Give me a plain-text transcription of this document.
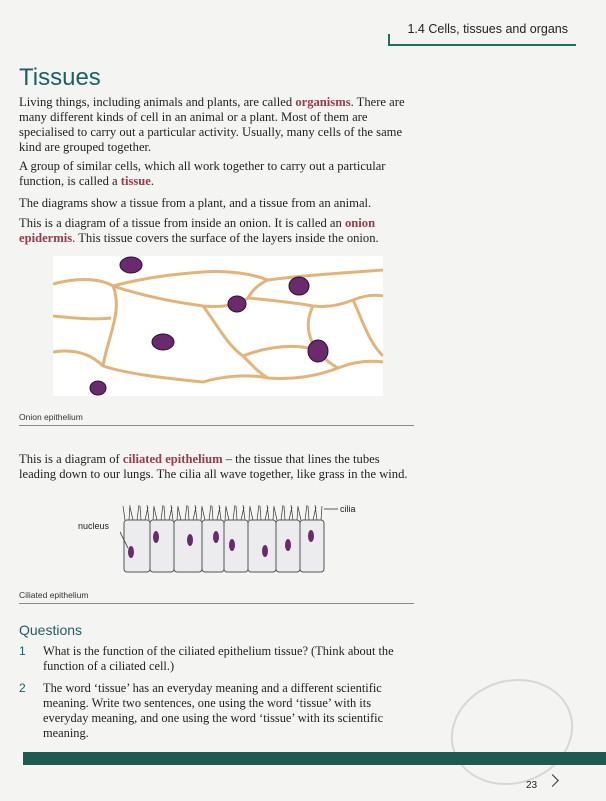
1.4 Cells, tissues and organs
Tissues

Living things, including animals and plants, are called organisms. There are many different kinds of cell in an animal or a plant. Most of them are specialised to carry out a particular activity. Usually, many cells of the same kind are grouped together.

A group of similar cells, which all work together to carry out a particular function, is called a tissue.

The diagrams show a tissue from a plant, and a tissue from an animal.

This is a diagram of a tissue from inside an onion. It is called an onion epidermis. This tissue covers the surface of the layers inside the onion.

Onion epithelium

This is a diagram of ciliated epithelium – the tissue that lines the tubes leading down to our lungs. The cilia all wave together, like grass in the wind.

cilia
nucleus
Ciliated epithelium
Questions
1	What is the function of the ciliated epithelium tissue? (Think about the function of a ciliated cell.)
2	The word ‘tissue’ has an everyday meaning and a different scientific meaning. Write two sentences, one using the word ‘tissue’ with its everyday meaning, and one using the word ‘tissue’ with its scientific meaning.
23
